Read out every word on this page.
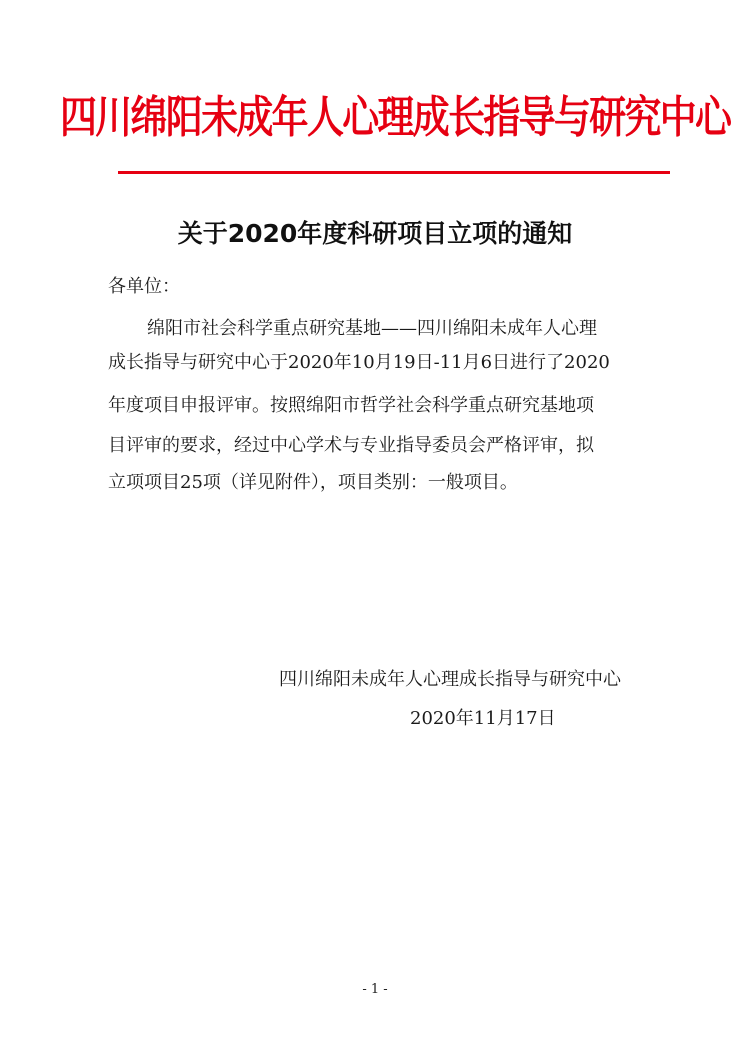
四川绵阳未成年人心理成长指导与研究中心
关于2020年度科研项目立项的通知
各单位：
绵阳市社会科学重点研究基地——四川绵阳未成年人心理
成长指导与研究中心于2020年10月19日-11月6日进行了2020
年度项目申报评审。按照绵阳市哲学社会科学重点研究基地项
目评审的要求，经过中心学术与专业指导委员会严格评审，拟
立项项目25项（详见附件），项目类别：一般项目。
四川绵阳未成年人心理成长指导与研究中心
2020年11月17日
- 1 -
